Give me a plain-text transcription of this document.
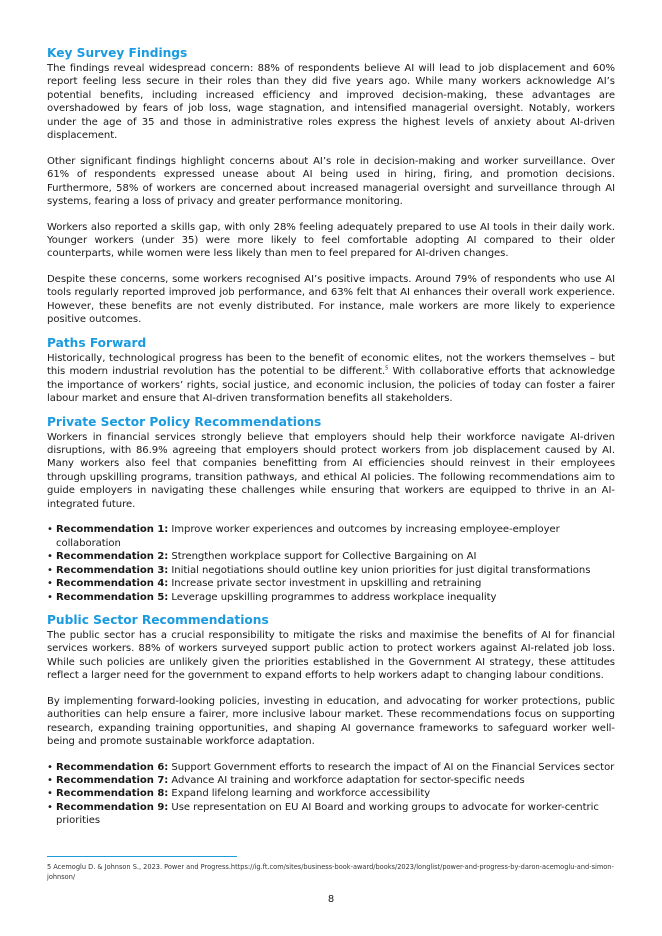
Key Survey Findings

The findings reveal widespread concern: 88% of respondents believe AI will lead to job displacement and 60% report feeling less secure in their roles than they did five years ago. While many workers acknowledge AI’s potential benefits, including increased efficiency and improved decision-making, these advantages are overshadowed by fears of job loss, wage stagnation, and intensified managerial oversight. Notably, workers under the age of 35 and those in administrative roles express the highest levels of anxiety about AI-driven displacement.

Other significant findings highlight concerns about AI’s role in decision-making and worker surveillance. Over 61% of respondents expressed unease about AI being used in hiring, firing, and promotion decisions. Furthermore, 58% of workers are concerned about increased managerial oversight and surveillance through AI systems, fearing a loss of privacy and greater performance monitoring.

Workers also reported a skills gap, with only 28% feeling adequately prepared to use AI tools in their daily work. Younger workers (under 35) were more likely to feel comfortable adopting AI compared to their older counterparts, while women were less likely than men to feel prepared for AI-driven changes.

Despite these concerns, some workers recognised AI’s positive impacts. Around 79% of respondents who use AI tools regularly reported improved job performance, and 63% felt that AI enhances their overall work experience. However, these benefits are not evenly distributed. For instance, male workers are more likely to experience positive outcomes.

Paths Forward

Historically, technological progress has been to the benefit of economic elites, not the workers themselves – but this modern industrial revolution has the potential to be different.$^5$ With collaborative efforts that acknowledge the importance of workers’ rights, social justice, and economic inclusion, the policies of today can foster a fairer labour market and ensure that AI-driven transformation benefits all stakeholders.

Private Sector Policy Recommendations

Workers in financial services strongly believe that employers should help their workforce navigate AI-driven disruptions, with 86.9% agreeing that employers should protect workers from job displacement caused by AI. Many workers also feel that companies benefitting from AI efficiencies should reinvest in their employees through upskilling programs, transition pathways, and ethical AI policies. The following recommendations aim to guide employers in navigating these challenges while ensuring that workers are equipped to thrive in an AI-integrated future.

• Recommendation 1: Improve worker experiences and outcomes by increasing employee-employer collaboration
• Recommendation 2: Strengthen workplace support for Collective Bargaining on AI
• Recommendation 3: Initial negotiations should outline key union priorities for just digital transformations
• Recommendation 4: Increase private sector investment in upskilling and retraining
• Recommendation 5: Leverage upskilling programmes to address workplace inequality
Public Sector Recommendations

The public sector has a crucial responsibility to mitigate the risks and maximise the benefits of AI for financial services workers. 88% of workers surveyed support public action to protect workers against AI-related job loss. While such policies are unlikely given the priorities established in the Government AI strategy, these attitudes reflect a larger need for the government to expand efforts to help workers adapt to changing labour conditions.

By implementing forward-looking policies, investing in education, and advocating for worker protections, public authorities can help ensure a fairer, more inclusive labour market. These recommendations focus on supporting research, expanding training opportunities, and shaping AI governance frameworks to safeguard worker well-being and promote sustainable workforce adaptation.

• Recommendation 6: Support Government efforts to research the impact of AI on the Financial Services sector
• Recommendation 7: Advance AI training and workforce adaptation for sector-specific needs
• Recommendation 8: Expand lifelong learning and workforce accessibility
• Recommendation 9: Use representation on EU AI Board and working groups to advocate for worker-centric priorities
5 Acemoglu D. & Johnson S., 2023. Power and Progress.https://ig.ft.com/sites/business-book-award/books/2023/longlist/power-and-progress-by-daron-acemoglu-and-simon-johnson/
8
